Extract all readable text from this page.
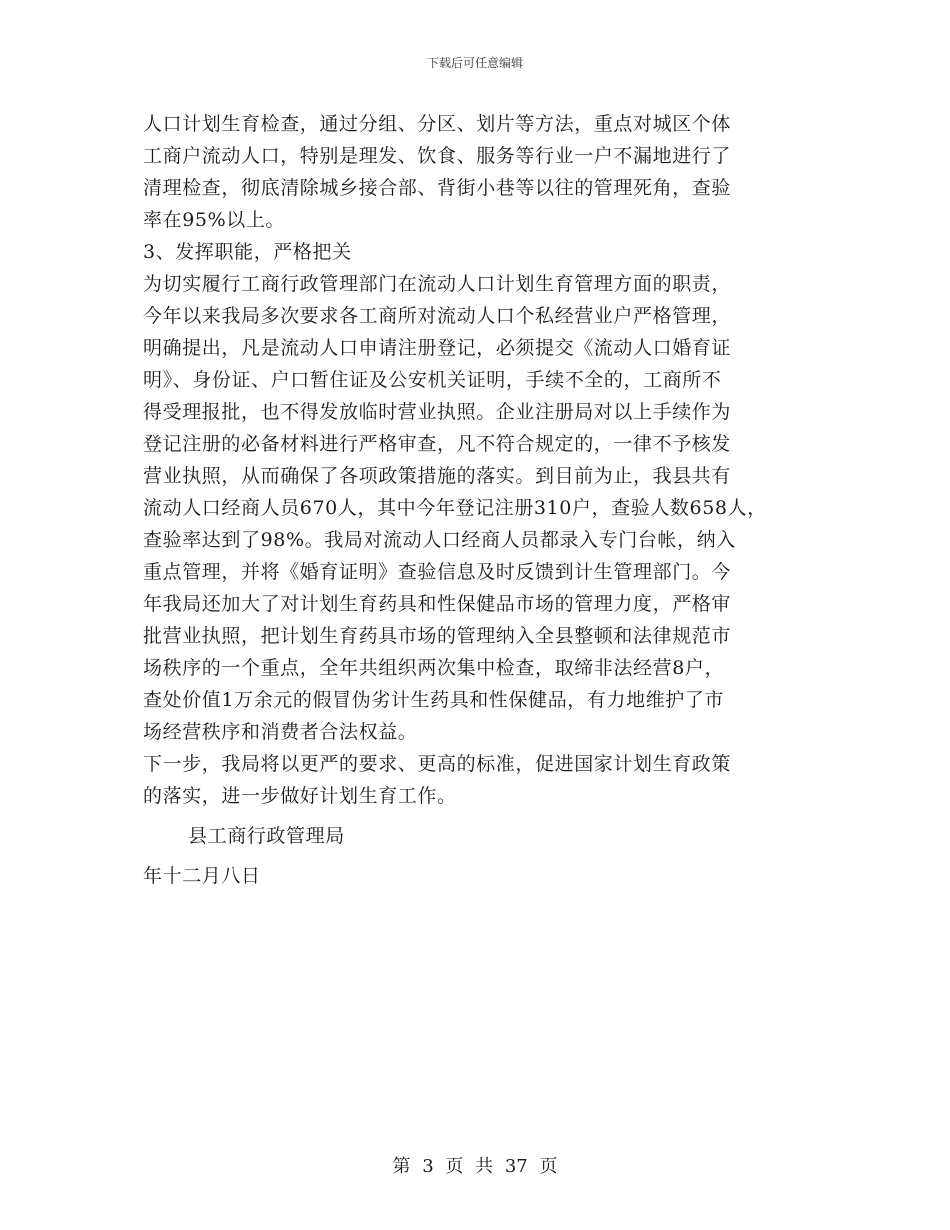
下载后可任意编辑
人口计划生育检查，通过分组、分区、划片等方法，重点对城区个体
工商户流动人口，特别是理发、饮食、服务等行业一户不漏地进行了
清理检查，彻底清除城乡接合部、背街小巷等以往的管理死角，查验
率在95%以上。
3、发挥职能，严格把关
为切实履行工商行政管理部门在流动人口计划生育管理方面的职责，
今年以来我局多次要求各工商所对流动人口个私经营业户严格管理，
明确提出，凡是流动人口申请注册登记，必须提交《流动人口婚育证
明》、身份证、户口暂住证及公安机关证明，手续不全的，工商所不
得受理报批，也不得发放临时营业执照。企业注册局对以上手续作为
登记注册的必备材料进行严格审查，凡不符合规定的，一律不予核发
营业执照，从而确保了各项政策措施的落实。到目前为止，我县共有
流动人口经商人员670人，其中今年登记注册310户，查验人数658人，
查验率达到了98%。我局对流动人口经商人员都录入专门台帐，纳入
重点管理，并将《婚育证明》查验信息及时反馈到计生管理部门。今
年我局还加大了对计划生育药具和性保健品市场的管理力度，严格审
批营业执照，把计划生育药具市场的管理纳入全县整顿和法律规范市
场秩序的一个重点，全年共组织两次集中检查，取缔非法经营8户，
查处价值1万余元的假冒伪劣计生药具和性保健品，有力地维护了市
场经营秩序和消费者合法权益。
下一步，我局将以更严的要求、更高的标准，促进国家计划生育政策
的落实，进一步做好计划生育工作。
县工商行政管理局
年十二月八日
第 3 页 共 37 页
